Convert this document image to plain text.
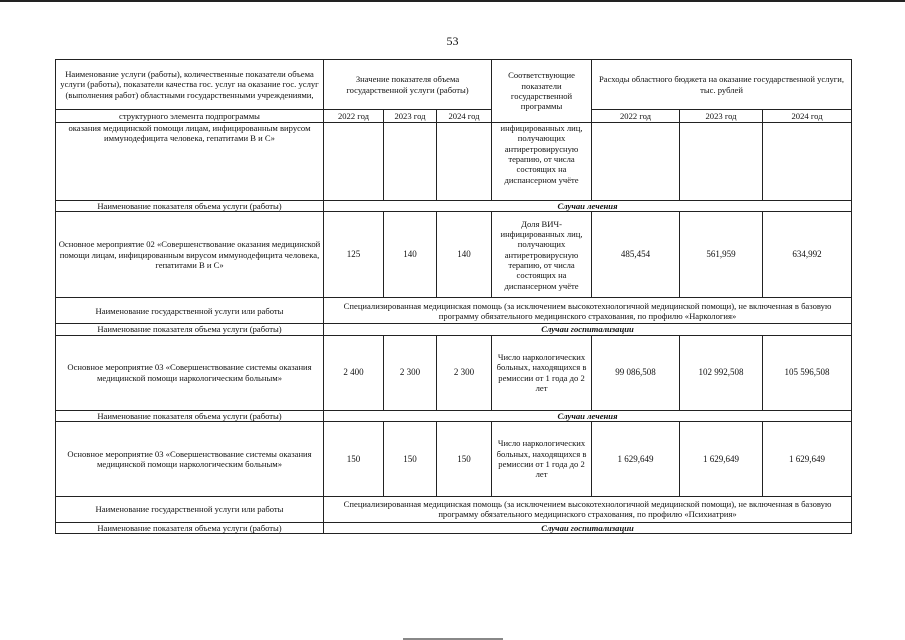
53
Наименование услуги (работы), количественные показатели объема услуги (работы), показатели качества гос. услуг на оказание гос. услуг (выполнения работ) областными государственными учреждениями,	Значение показателя объема государственной услуги (работы)			Соответствующие показатели государственной программы	Расходы областного бюджета на оказание государственной услуги, тыс. рублей		
структурного элемента подпрограммы	2022 год	2023 год	2024 год		2022 год	2023 год	2024 год
оказания медицинской помощи лицам, инфицированным вирусом иммунодефицита человека, гепатитами В и С»				инфицированных лиц, получающих антиретровирусную терапию, от числа состоящих на диспансерном учёте			
Наименование показателя объема услуги (работы)	Случаи лечения						
Основное мероприятие 02 «Совершенствование оказания медицинской помощи лицам, инфицированным вирусом иммунодефицита человека, гепатитами В и С»	125	140	140	Доля ВИЧ-инфицированных лиц, получающих антиретровирусную терапию, от числа состоящих на диспансерном учёте	485,454	561,959	634,992
Наименование государственной услуги или работы	Специализированная медицинская помощь (за исключением высокотехнологичной медицинской помощи), не включенная в базовую программу обязательного медицинского страхования, по профилю «Наркология»						
Наименование показателя объема услуги (работы)	Случаи госпитализации						
Основное мероприятие 03 «Совершенствование системы оказания медицинской помощи наркологическим больным»	2 400	2 300	2 300	Число наркологических больных, находящихся в ремиссии от 1 года до 2 лет	99 086,508	102 992,508	105 596,508
Наименование показателя объема услуги (работы)	Случаи лечения						
Основное мероприятие 03 «Совершенствование системы оказания медицинской помощи наркологическим больным»	150	150	150	Число наркологических больных, находящихся в ремиссии от 1 года до 2 лет	1 629,649	1 629,649	1 629,649
Наименование государственной услуги или работы	Специализированная медицинская помощь (за исключением высокотехнологичной медицинской помощи), не включенная в базовую программу обязательного медицинского страхования, по профилю «Психиатрия»						
Наименование показателя объема услуги (работы)	Случаи госпитализации						
